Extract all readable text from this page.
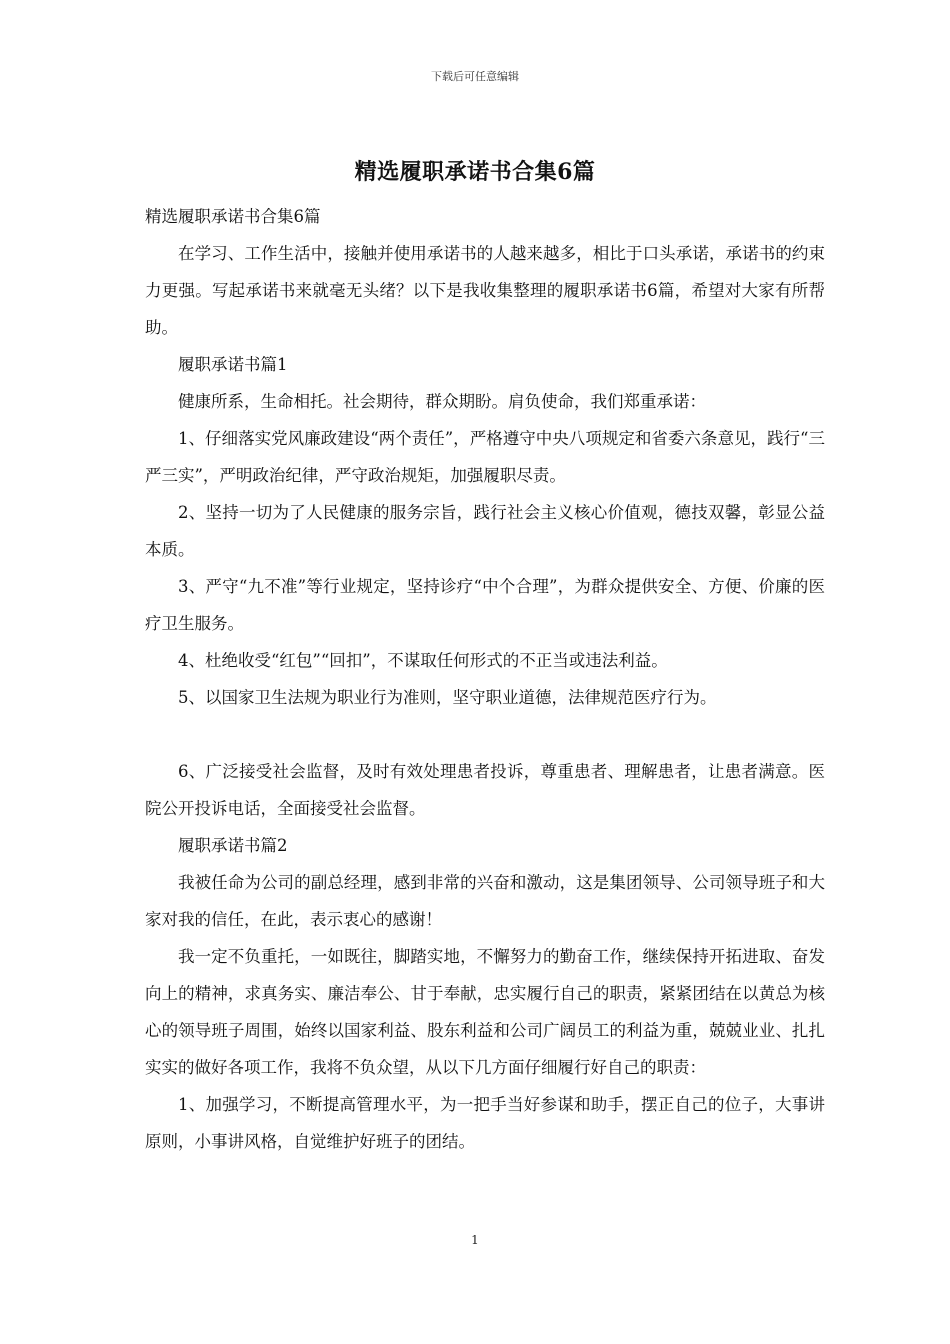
下载后可任意编辑
精选履职承诺书合集6篇

精选履职承诺书合集6篇

在学习、工作生活中，接触并使用承诺书的人越来越多，相比于口头承诺，承诺书的约束力更强。写起承诺书来就毫无头绪？以下是我收集整理的履职承诺书6篇，希望对大家有所帮助。

履职承诺书篇1

健康所系，生命相托。社会期待，群众期盼。肩负使命，我们郑重承诺：

1、仔细落实党风廉政建设“两个责任”，严格遵守中央八项规定和省委六条意见，践行“三严三实”，严明政治纪律，严守政治规矩，加强履职尽责。

2、坚持一切为了人民健康的服务宗旨，践行社会主义核心价值观，德技双馨，彰显公益本质。

3、严守“九不准”等行业规定，坚持诊疗“中个合理”，为群众提供安全、方便、价廉的医疗卫生服务。

4、杜绝收受“红包”“回扣”，不谋取任何形式的不正当或违法利益。

5、以国家卫生法规为职业行为准则，坚守职业道德，法律规范医疗行为。

6、广泛接受社会监督，及时有效处理患者投诉，尊重患者、理解患者，让患者满意。医院公开投诉电话，全面接受社会监督。

履职承诺书篇2

我被任命为公司的副总经理，感到非常的兴奋和激动，这是集团领导、公司领导班子和大家对我的信任，在此，表示衷心的感谢！

我一定不负重托，一如既往，脚踏实地，不懈努力的勤奋工作，继续保持开拓进取、奋发向上的精神，求真务实、廉洁奉公、甘于奉献，忠实履行自己的职责，紧紧团结在以黄总为核心的领导班子周围，始终以国家利益、股东利益和公司广阔员工的利益为重，兢兢业业、扎扎实实的做好各项工作，我将不负众望，从以下几方面仔细履行好自己的职责：

1、加强学习，不断提高管理水平，为一把手当好参谋和助手，摆正自己的位子，大事讲原则，小事讲风格，自觉维护好班子的团结。

1
